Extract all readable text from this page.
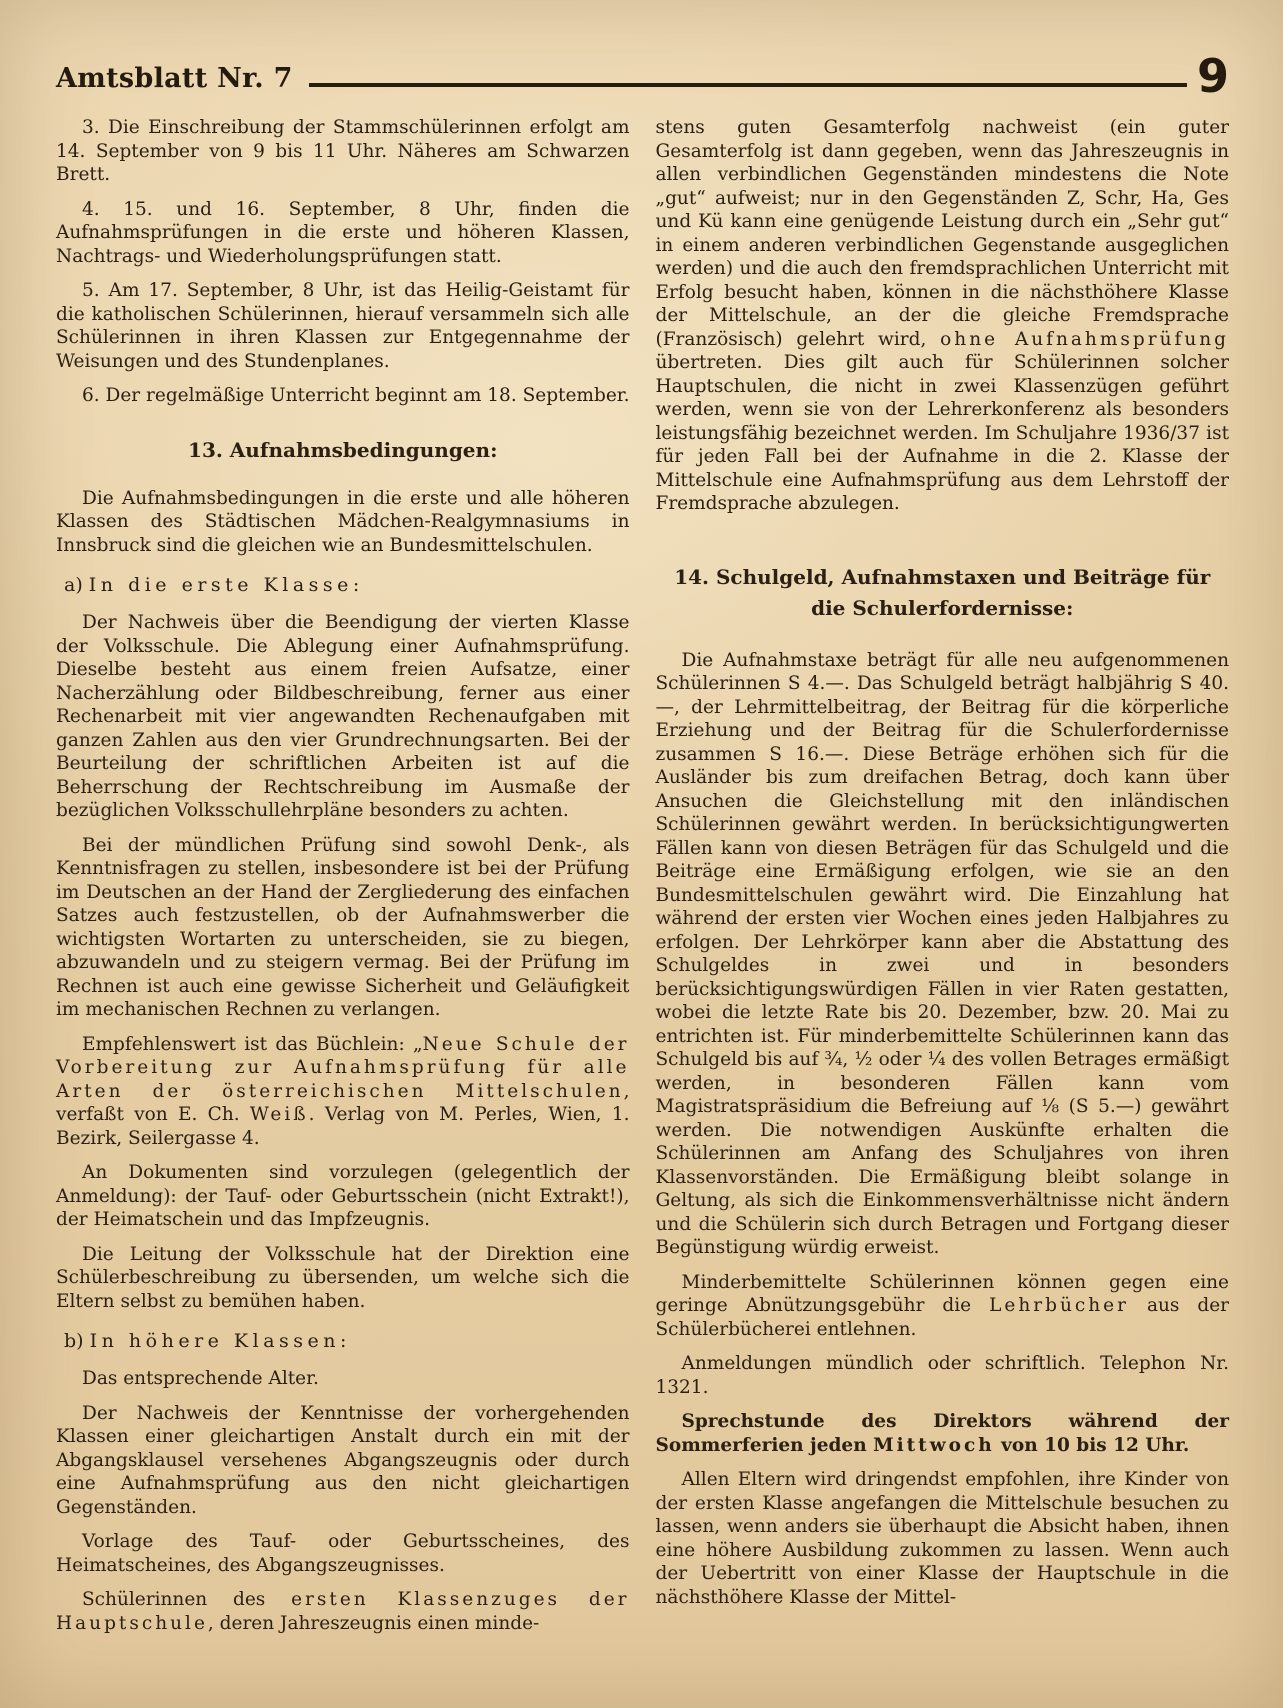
Amtsblatt Nr. 7	9

3. Die Einschreibung der Stammschülerinnen erfolgt am 14. September von 9 bis 11 Uhr. Näheres am Schwarzen Brett.

4. 15. und 16. September, 8 Uhr, finden die Aufnahmsprüfungen in die erste und höheren Klassen, Nachtrags- und Wiederholungsprüfungen statt.

5. Am 17. September, 8 Uhr, ist das Heilig-Geistamt für die katholischen Schülerinnen, hierauf versammeln sich alle Schülerinnen in ihren Klassen zur Entgegennahme der Weisungen und des Stundenplanes.

6. Der regelmäßige Unterricht beginnt am 18. September.

13. Aufnahmsbedingungen:

Die Aufnahmsbedingungen in die erste und alle höheren Klassen des Städtischen Mädchen-Realgymnasiums in Innsbruck sind die gleichen wie an Bundesmittelschulen.

a) In die erste Klasse:

Der Nachweis über die Beendigung der vierten Klasse der Volksschule. Die Ablegung einer Aufnahmsprüfung. Dieselbe besteht aus einem freien Aufsatze, einer Nacherzählung oder Bildbeschreibung, ferner aus einer Rechenarbeit mit vier angewandten Rechenaufgaben mit ganzen Zahlen aus den vier Grundrechnungsarten. Bei der Beurteilung der schriftlichen Arbeiten ist auf die Beherrschung der Rechtschreibung im Ausmaße der bezüglichen Volksschullehrpläne besonders zu achten.

Bei der mündlichen Prüfung sind sowohl Denk-, als Kenntnisfragen zu stellen, insbesondere ist bei der Prüfung im Deutschen an der Hand der Zergliederung des einfachen Satzes auch festzustellen, ob der Aufnahmswerber die wichtigsten Wortarten zu unterscheiden, sie zu biegen, abzuwandeln und zu steigern vermag. Bei der Prüfung im Rechnen ist auch eine gewisse Sicherheit und Geläufigkeit im mechanischen Rechnen zu verlangen.

Empfehlenswert ist das Büchlein: „Neue Schule der Vorbereitung zur Aufnahmsprüfung für alle Arten der österreichischen Mittelschulen, verfaßt von E. Ch. Weiß. Verlag von M. Perles, Wien, 1. Bezirk, Seilergasse 4.

An Dokumenten sind vorzulegen (gelegentlich der Anmeldung): der Tauf- oder Geburtsschein (nicht Extrakt!), der Heimatschein und das Impfzeugnis.

Die Leitung der Volksschule hat der Direktion eine Schülerbeschreibung zu übersenden, um welche sich die Eltern selbst zu bemühen haben.

b) In höhere Klassen:

Das entsprechende Alter.

Der Nachweis der Kenntnisse der vorhergehenden Klassen einer gleichartigen Anstalt durch ein mit der Abgangsklausel versehenes Abgangszeugnis oder durch eine Aufnahmsprüfung aus den nicht gleichartigen Gegenständen.

Vorlage des Tauf- oder Geburtsscheines, des Heimatscheines, des Abgangszeugnisses.

Schülerinnen des ersten Klassenzuges der Hauptschule, deren Jahreszeugnis einen minde-

stens guten Gesamterfolg nachweist (ein guter Gesamterfolg ist dann gegeben, wenn das Jahreszeugnis in allen verbindlichen Gegenständen mindestens die Note „gut“ aufweist; nur in den Gegenständen Z, Schr, Ha, Ges und Kü kann eine genügende Leistung durch ein „Sehr gut“ in einem anderen verbindlichen Gegenstande ausgeglichen werden) und die auch den fremdsprachlichen Unterricht mit Erfolg besucht haben, können in die nächsthöhere Klasse der Mittelschule, an der die gleiche Fremdsprache (Französisch) gelehrt wird, ohne Aufnahmsprüfung übertreten. Dies gilt auch für Schülerinnen solcher Hauptschulen, die nicht in zwei Klassenzügen geführt werden, wenn sie von der Lehrerkonferenz als besonders leistungsfähig bezeichnet werden. Im Schuljahre 1936/37 ist für jeden Fall bei der Aufnahme in die 2. Klasse der Mittelschule eine Aufnahmsprüfung aus dem Lehrstoff der Fremdsprache abzulegen.

14. Schulgeld, Aufnahmstaxen und Beiträge für die Schulerfordernisse:

Die Aufnahmstaxe beträgt für alle neu aufgenommenen Schülerinnen S 4.—. Das Schulgeld beträgt halbjährig S 40.—, der Lehrmittelbeitrag, der Beitrag für die körperliche Erziehung und der Beitrag für die Schulerfordernisse zusammen S 16.—. Diese Beträge erhöhen sich für die Ausländer bis zum dreifachen Betrag, doch kann über Ansuchen die Gleichstellung mit den inländischen Schülerinnen gewährt werden. In berücksichtigungwerten Fällen kann von diesen Beträgen für das Schulgeld und die Beiträge eine Ermäßigung erfolgen, wie sie an den Bundesmittelschulen gewährt wird. Die Einzahlung hat während der ersten vier Wochen eines jeden Halbjahres zu erfolgen. Der Lehrkörper kann aber die Abstattung des Schulgeldes in zwei und in besonders berücksichtigungswürdigen Fällen in vier Raten gestatten, wobei die letzte Rate bis 20. Dezember, bzw. 20. Mai zu entrichten ist. Für minderbemittelte Schülerinnen kann das Schulgeld bis auf ¾, ½ oder ¼ des vollen Betrages ermäßigt werden, in besonderen Fällen kann vom Magistratspräsidium die Befreiung auf ⅛ (S 5.—) gewährt werden. Die notwendigen Auskünfte erhalten die Schülerinnen am Anfang des Schuljahres von ihren Klassenvorständen. Die Ermäßigung bleibt solange in Geltung, als sich die Einkommensverhältnisse nicht ändern und die Schülerin sich durch Betragen und Fortgang dieser Begünstigung würdig erweist.

Minderbemittelte Schülerinnen können gegen eine geringe Abnützungsgebühr die Lehrbücher aus der Schülerbücherei entlehnen.

Anmeldungen mündlich oder schriftlich. Telephon Nr. 1321.

Sprechstunde des Direktors während der Sommerferien jeden Mittwoch von 10 bis 12 Uhr.

Allen Eltern wird dringendst empfohlen, ihre Kinder von der ersten Klasse angefangen die Mittelschule besuchen zu lassen, wenn anders sie überhaupt die Absicht haben, ihnen eine höhere Ausbildung zukommen zu lassen. Wenn auch der Uebertritt von einer Klasse der Hauptschule in die nächsthöhere Klasse der Mittel-
